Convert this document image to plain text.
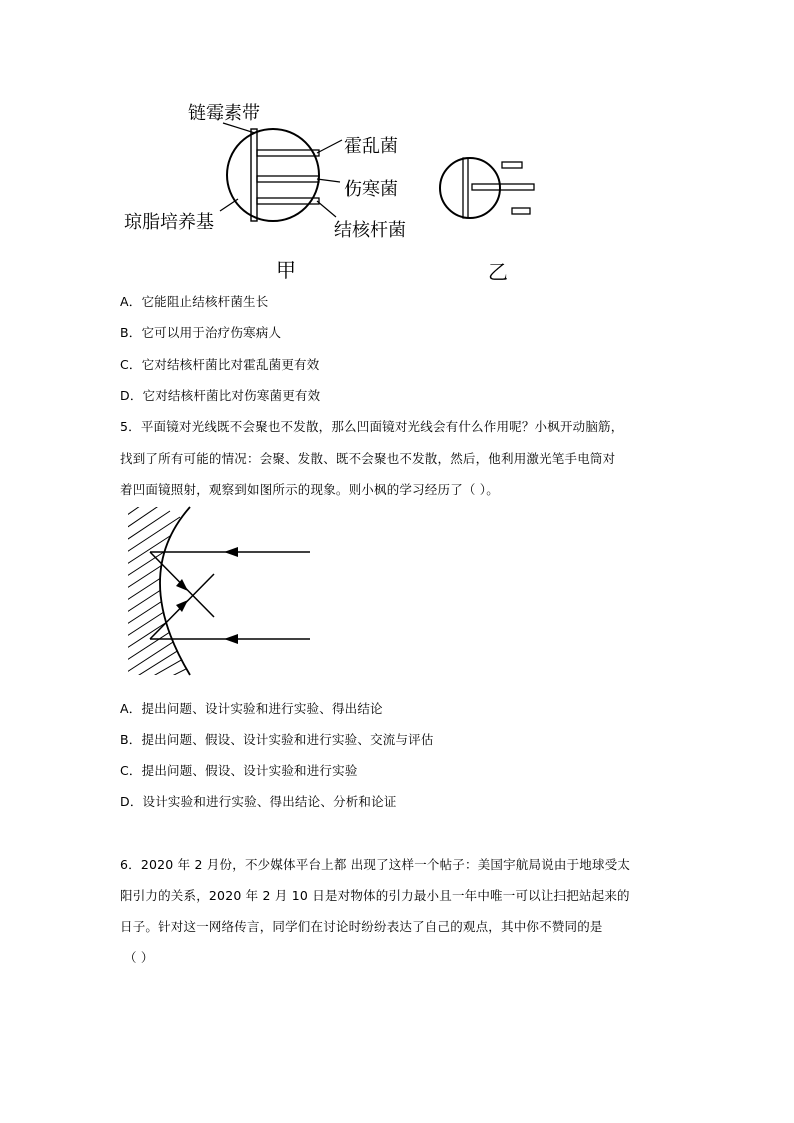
链霉素带
霍乱菌
伤寒菌
结核杆菌
琼脂培养基
甲	乙
A．它能阻止结核杆菌生长
B．它可以用于治疗伤寒病人
C．它对结核杆菌比对霍乱菌更有效
D．它对结核杆菌比对伤寒菌更有效
5．平面镜对光线既不会聚也不发散，那么凹面镜对光线会有什么作用呢？小枫开动脑筋，
找到了所有可能的情况：会聚、发散、既不会聚也不发散，然后，他利用激光笔手电筒对
着凹面镜照射，观察到如图所示的现象。则小枫的学习经历了（ ）。
A．提出问题、设计实验和进行实验、得出结论
B．提出问题、假设、设计实验和进行实验、交流与评估
C．提出问题、假设、设计实验和进行实验
D．设计实验和进行实验、得出结论、分析和论证
6．2020 年 2 月份，不少媒体平台上都 出现了这样一个帖子：美国宇航局说由于地球受太
阳引力的关系，2020 年 2 月 10 日是对物体的引力最小且一年中唯一可以让扫把站起来的
日子。针对这一网络传言，同学们在讨论时纷纷表达了自己的观点，其中你不赞同的是
（ ）
